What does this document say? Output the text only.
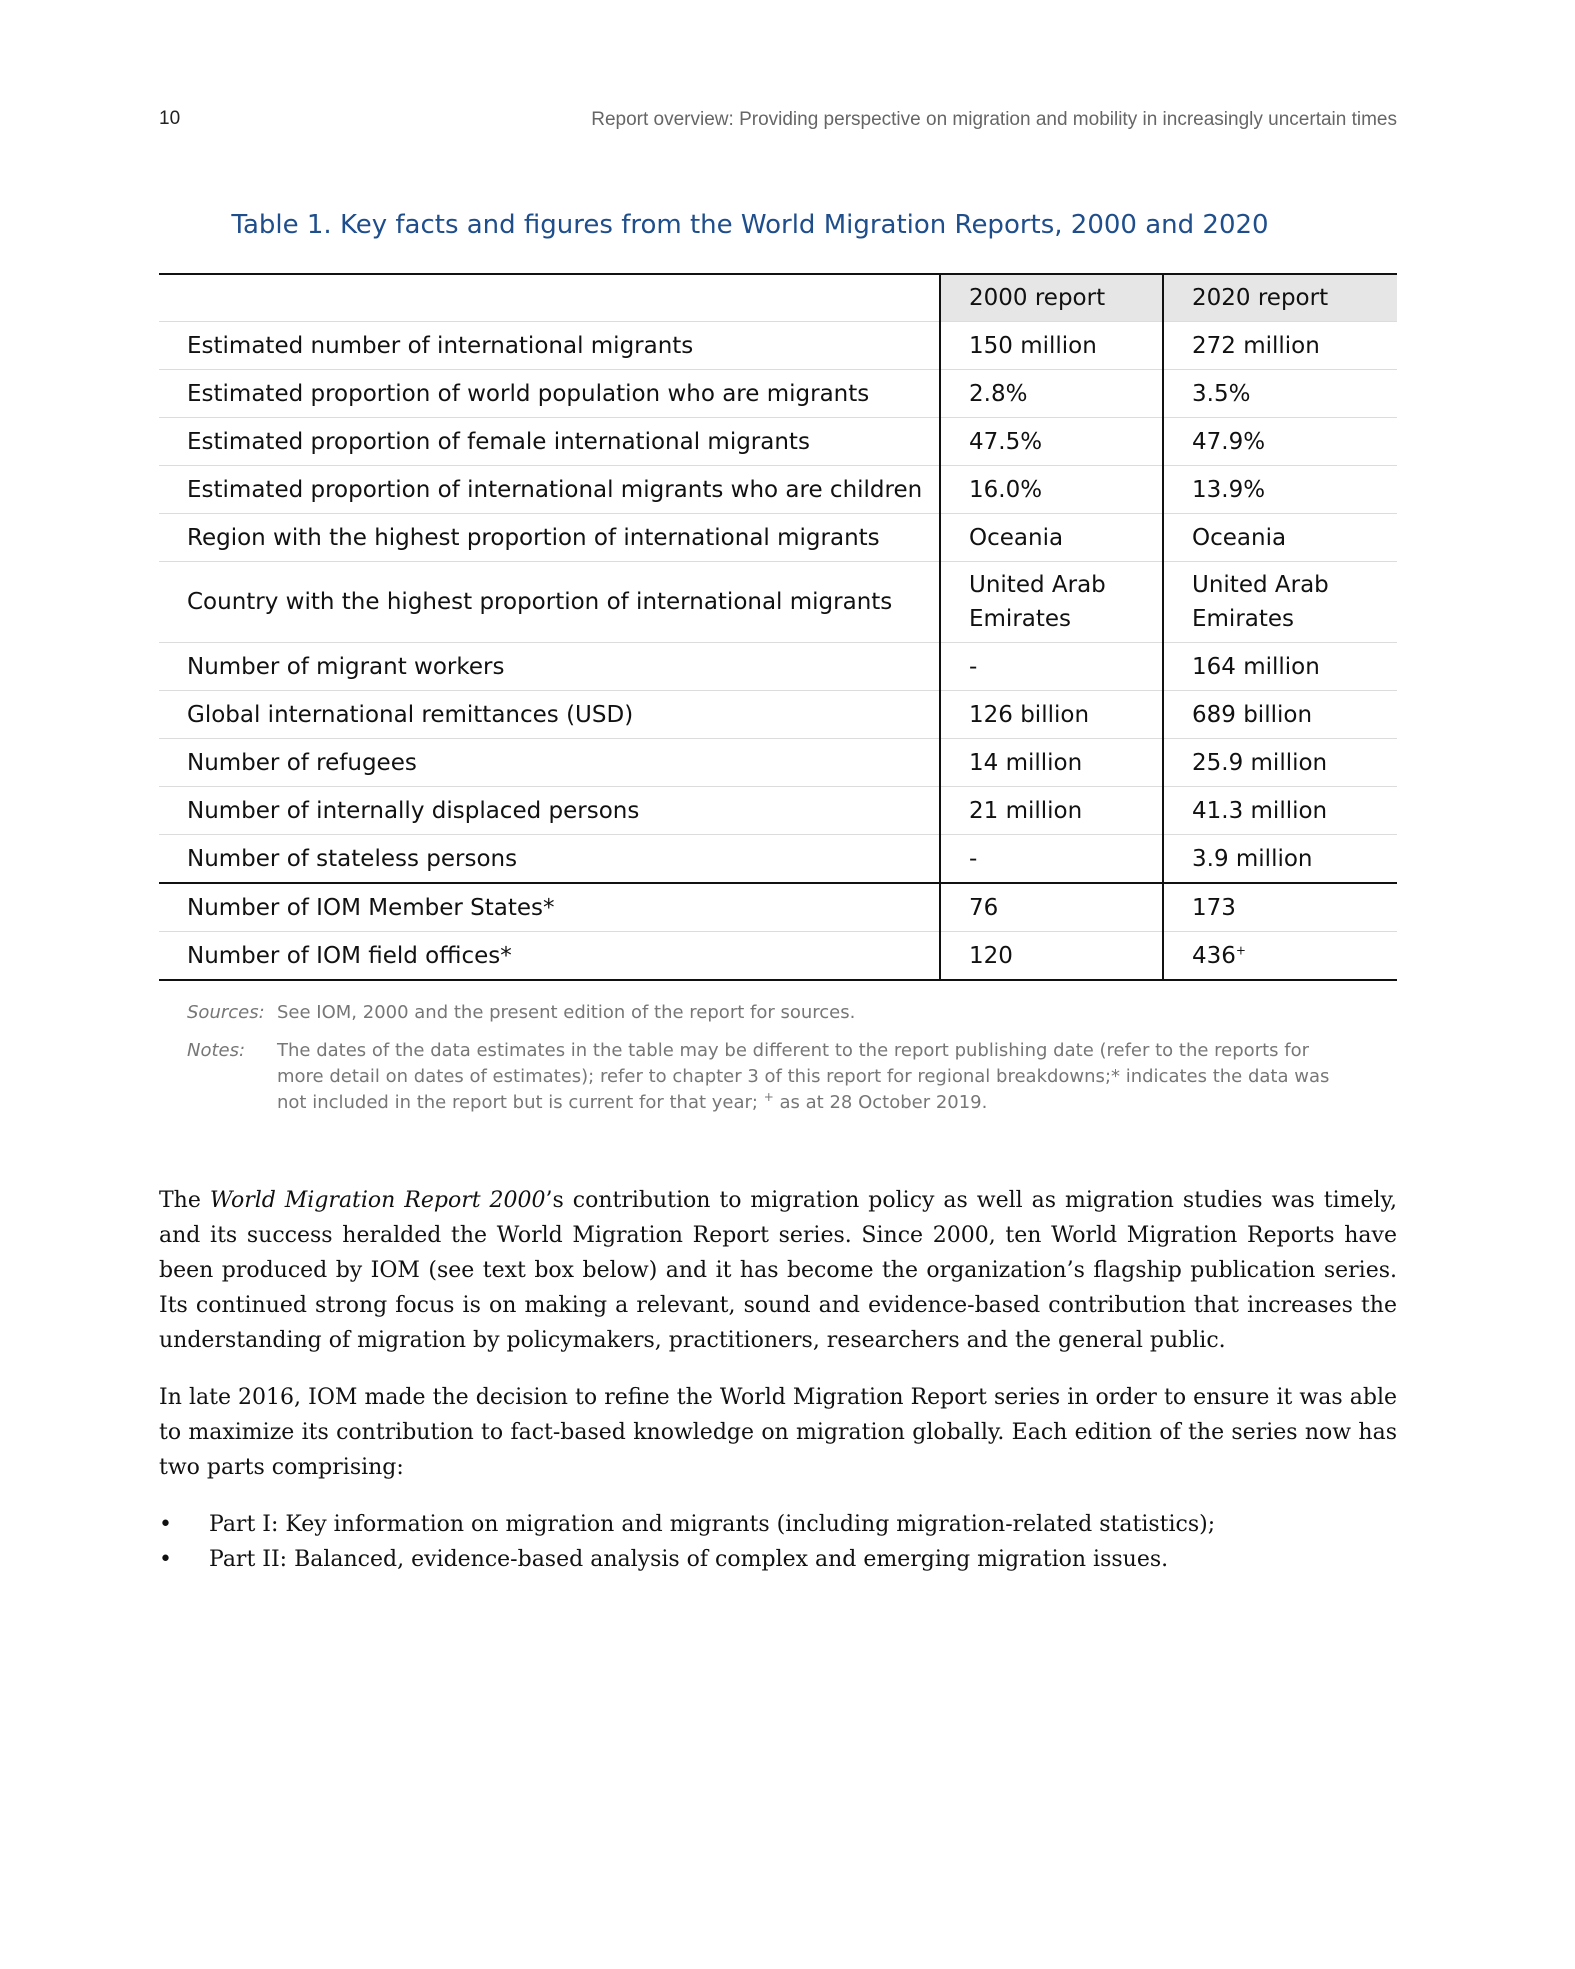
10	Report overview: Providing perspective on migration and mobility in increasingly uncertain times
Table 1. Key facts and figures from the World Migration Reports, 2000 and 2020
	2000 report	2020 report
Estimated number of international migrants	150 million	272 million
Estimated proportion of world population who are migrants	2.8%	3.5%
Estimated proportion of female international migrants	47.5%	47.9%
Estimated proportion of international migrants who are children	16.0%	13.9%
Region with the highest proportion of international migrants	Oceania	Oceania
Country with the highest proportion of international migrants	United Arab Emirates	United Arab Emirates
Number of migrant workers	-	164 million
Global international remittances (USD)	126 billion	689 billion
Number of refugees	14 million	25.9 million
Number of internally displaced persons	21 million	41.3 million
Number of stateless persons	-	3.9 million
Number of IOM Member States*	76	173
Number of IOM field offices*	120	436+
Sources: See IOM, 2000 and the present edition of the report for sources.
Notes:	The dates of the data estimates in the table may be different to the report publishing date (refer to the reports for more detail on dates of estimates); refer to chapter 3 of this report for regional breakdowns;* indicates the data was not included in the report but is current for that year; + as at 28 October 2019.

The World Migration Report 2000’s contribution to migration policy as well as migration studies was timely, and its success heralded the World Migration Report series. Since 2000, ten World Migration Reports have been produced by IOM (see text box below) and it has become the organization’s flagship publication series. Its continued strong focus is on making a relevant, sound and evidence-based contribution that increases the understanding of migration by policymakers, practitioners, researchers and the general public.

In late 2016, IOM made the decision to refine the World Migration Report series in order to ensure it was able to maximize its contribution to fact-based knowledge on migration globally. Each edition of the series now has two parts comprising:

• Part I: Key information on migration and migrants (including migration-related statistics);
• Part II: Balanced, evidence-based analysis of complex and emerging migration issues.
